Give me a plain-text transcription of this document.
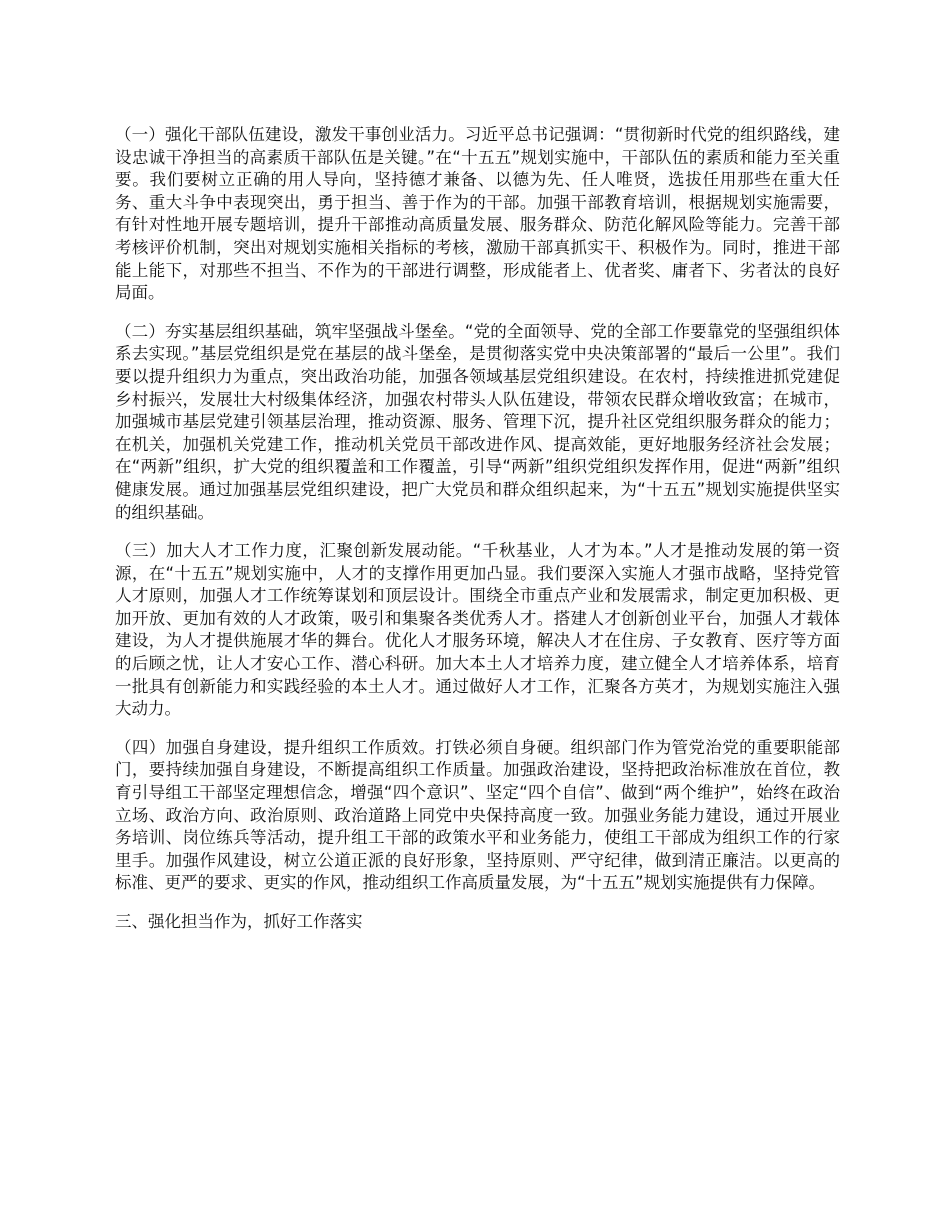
（一）强化干部队伍建设，激发干事创业活力。习近平总书记强调：“贯彻新时代党的组织路线，建设忠诚干净担当的高素质干部队伍是关键。”在“十五五”规划实施中，干部队伍的素质和能力至关重要。我们要树立正确的用人导向，坚持德才兼备、以德为先、任人唯贤，选拔任用那些在重大任务、重大斗争中表现突出，勇于担当、善于作为的干部。加强干部教育培训，根据规划实施需要，有针对性地开展专题培训，提升干部推动高质量发展、服务群众、防范化解风险等能力。完善干部考核评价机制，突出对规划实施相关指标的考核，激励干部真抓实干、积极作为。同时，推进干部能上能下，对那些不担当、不作为的干部进行调整，形成能者上、优者奖、庸者下、劣者汰的良好局面。

（二）夯实基层组织基础，筑牢坚强战斗堡垒。“党的全面领导、党的全部工作要靠党的坚强组织体系去实现。”基层党组织是党在基层的战斗堡垒，是贯彻落实党中央决策部署的“最后一公里”。我们要以提升组织力为重点，突出政治功能，加强各领域基层党组织建设。在农村，持续推进抓党建促乡村振兴，发展壮大村级集体经济，加强农村带头人队伍建设，带领农民群众增收致富；在城市，加强城市基层党建引领基层治理，推动资源、服务、管理下沉，提升社区党组织服务群众的能力；在机关，加强机关党建工作，推动机关党员干部改进作风、提高效能，更好地服务经济社会发展；在“两新”组织，扩大党的组织覆盖和工作覆盖，引导“两新”组织党组织发挥作用，促进“两新”组织健康发展。通过加强基层党组织建设，把广大党员和群众组织起来，为“十五五”规划实施提供坚实的组织基础。

（三）加大人才工作力度，汇聚创新发展动能。“千秋基业，人才为本。”人才是推动发展的第一资源，在“十五五”规划实施中，人才的支撑作用更加凸显。我们要深入实施人才强市战略，坚持党管人才原则，加强人才工作统筹谋划和顶层设计。围绕全市重点产业和发展需求，制定更加积极、更加开放、更加有效的人才政策，吸引和集聚各类优秀人才。搭建人才创新创业平台，加强人才载体建设，为人才提供施展才华的舞台。优化人才服务环境，解决人才在住房、子女教育、医疗等方面的后顾之忧，让人才安心工作、潜心科研。加大本土人才培养力度，建立健全人才培养体系，培育一批具有创新能力和实践经验的本土人才。通过做好人才工作，汇聚各方英才，为规划实施注入强大动力。

（四）加强自身建设，提升组织工作质效。打铁必须自身硬。组织部门作为管党治党的重要职能部门，要持续加强自身建设，不断提高组织工作质量。加强政治建设，坚持把政治标准放在首位，教育引导组工干部坚定理想信念，增强“四个意识”、坚定“四个自信”、做到“两个维护”，始终在政治立场、政治方向、政治原则、政治道路上同党中央保持高度一致。加强业务能力建设，通过开展业务培训、岗位练兵等活动，提升组工干部的政策水平和业务能力，使组工干部成为组织工作的行家里手。加强作风建设，树立公道正派的良好形象，坚持原则、严守纪律，做到清正廉洁。以更高的标准、更严的要求、更实的作风，推动组织工作高质量发展，为“十五五”规划实施提供有力保障。

三、强化担当作为，抓好工作落实
